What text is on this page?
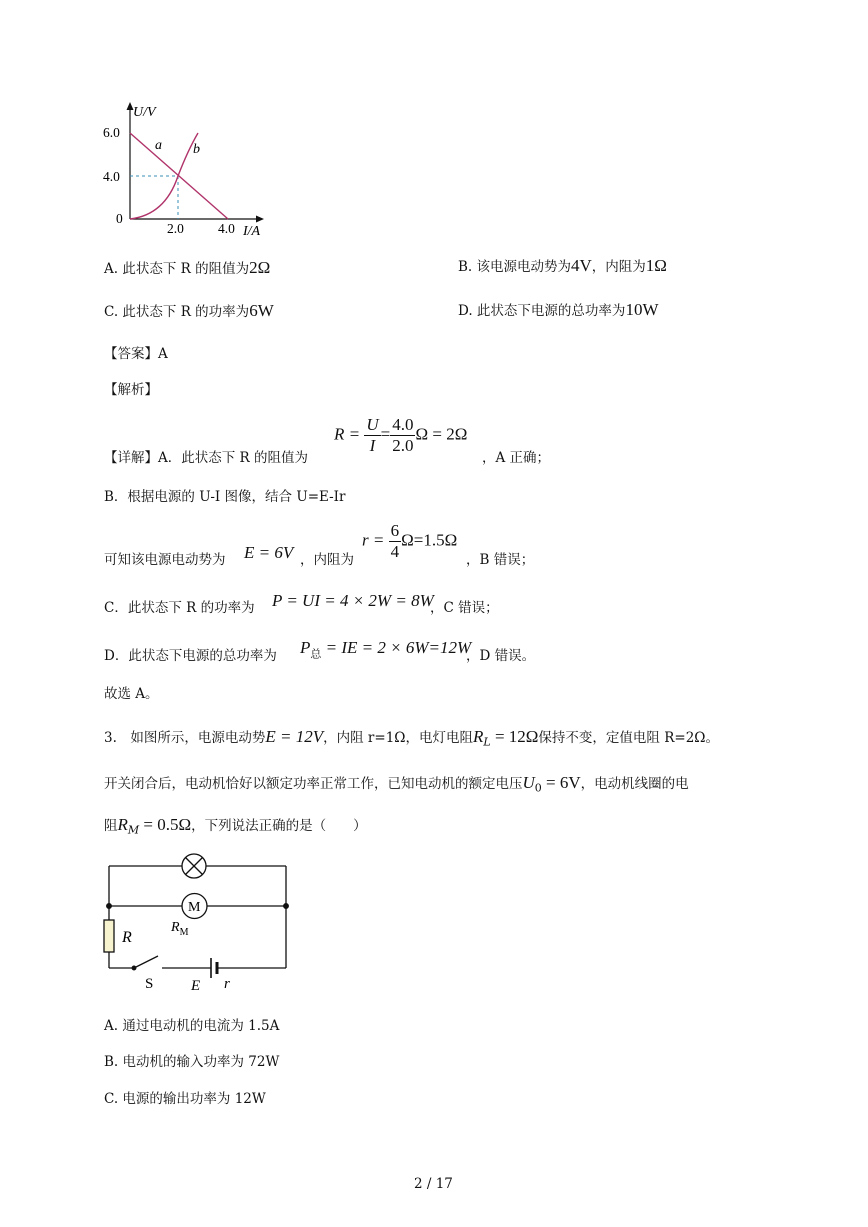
U/V
I/A
6.0
4.0
0
2.0	4.0
a b
A. 此状态下 R 的阻值为2Ω	B. 该电源电动势为4V，内阻为1Ω
C. 此状态下 R 的功率为6W	D. 此状态下电源的总功率为10W
【答案】A
【解析】
【详解】A．此状态下 R 的阻值为
$R = \frac{U}{I} = \frac{4.0}{2.0}$ Ω = 2Ω
，A 正确；
B．根据电源的 U-I 图像，结合 U=E-Ir
可知该电源电动势为 E = 6V ，内阻为
$r = \frac{6}{4} \Omega=1.5\Omega$
，B 错误；
C．此状态下 R 的功率为 P = UI = 4 × 2W = 8W
，C 错误；
D．此状态下电源的总功率为 $P_总$ = IE = 2 × 6W=12W
，D 错误。
故选 A。
3.　如图所示，电源电动势E = 12V，内阻 r=1Ω，电灯电阻$R_L = 12\Omega$保持不变，定值电阻 R=2Ω。
开关闭合后，电动机恰好以额定功率正常工作，已知电动机的额定电压$U_0 = 6V$，电动机线圈的电
阻$R_M = 0.5\Omega$，下列说法正确的是（　　）
M
R
$R_M$
S	E r
A. 通过电动机的电流为 1.5A
B. 电动机的输入功率为 72W
C. 电源的输出功率为 12W
2 / 17
